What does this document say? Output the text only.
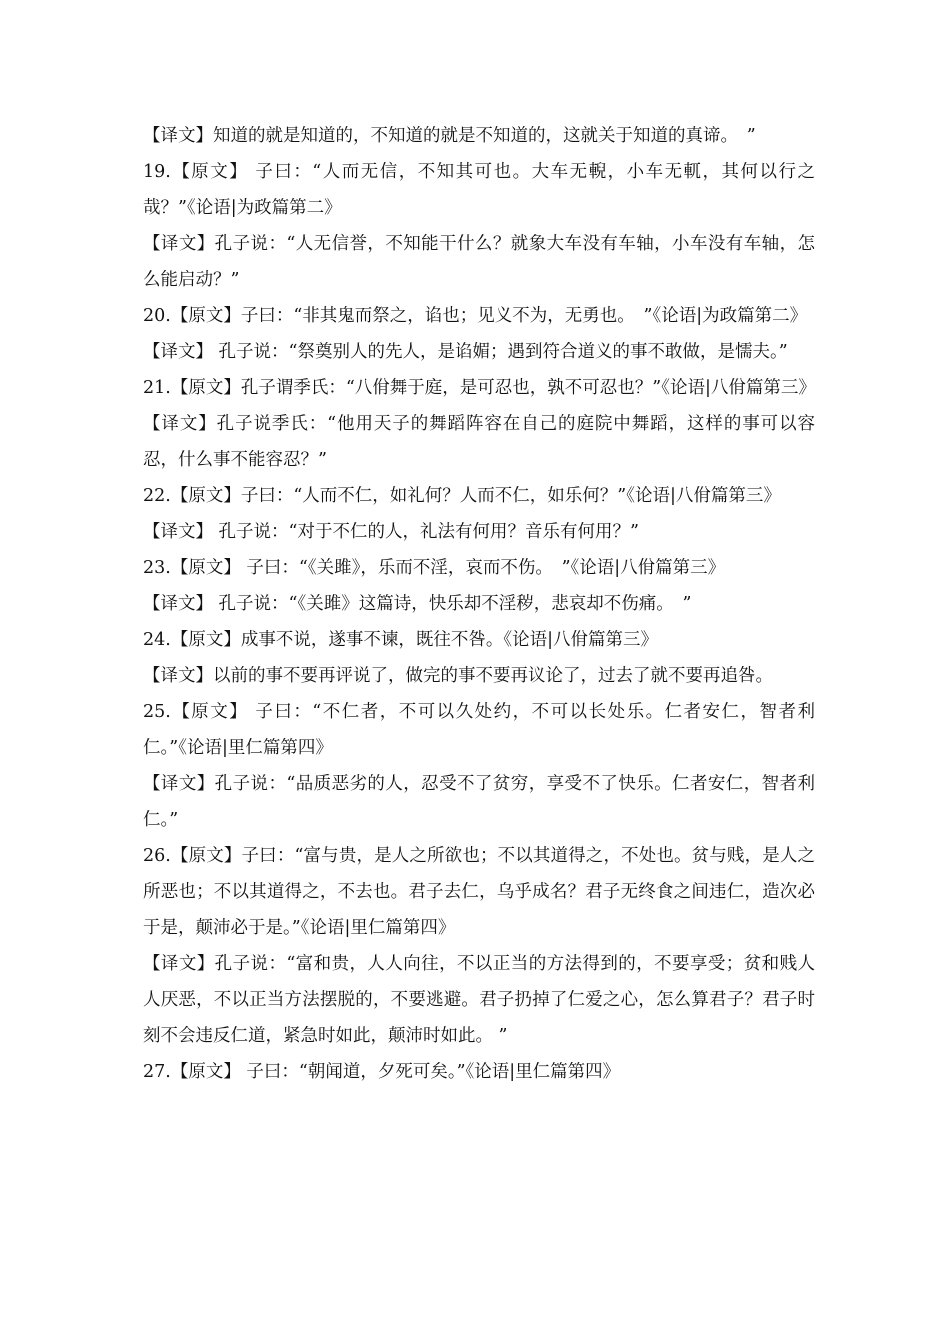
【译文】知道的就是知道的，不知道的就是不知道的，这就关于知道的真谛。　”

19.【原文】 子曰：“人而无信，不知其可也。大车无輗，小车无軏，其何以行之哉？”《论语|为政篇第二》

【译文】孔子说：“人无信誉，不知能干什么？就象大车没有车轴，小车没有车轴，怎么能启动？”

20.【原文】子曰：“非其鬼而祭之，谄也；见义不为，无勇也。　”《论语|为政篇第二》

【译文】 孔子说：“祭奠别人的先人，是谄媚；遇到符合道义的事不敢做，是懦夫。”

21.【原文】孔子谓季氏：“八佾舞于庭，是可忍也，孰不可忍也？”《论语|八佾篇第三》

【译文】孔子说季氏：“他用天子的舞蹈阵容在自己的庭院中舞蹈，这样的事可以容忍，什么事不能容忍？”

22.【原文】子曰：“人而不仁，如礼何？人而不仁，如乐何？”《论语|八佾篇第三》

【译文】 孔子说：“对于不仁的人，礼法有何用？音乐有何用？”

23.【原文】 子曰：“《关雎》，乐而不淫，哀而不伤。　”《论语|八佾篇第三》

【译文】 孔子说：“《关雎》这篇诗，快乐却不淫秽，悲哀却不伤痛。　”

24.【原文】成事不说，遂事不谏，既往不咎。《论语|八佾篇第三》

【译文】以前的事不要再评说了，做完的事不要再议论了，过去了就不要再追咎。

25.【原文】 子曰：“不仁者，不可以久处约，不可以长处乐。仁者安仁，智者利仁。”《论语|里仁篇第四》

【译文】孔子说：“品质恶劣的人，忍受不了贫穷，享受不了快乐。仁者安仁，智者利仁。”

26.【原文】子曰：“富与贵，是人之所欲也；不以其道得之，不处也。贫与贱，是人之所恶也；不以其道得之，不去也。君子去仁，乌乎成名？君子无终食之间违仁，造次必于是，颠沛必于是。”《论语|里仁篇第四》

【译文】孔子说：“富和贵，人人向往，不以正当的方法得到的，不要享受；贫和贱人人厌恶，不以正当方法摆脱的，不要逃避。君子扔掉了仁爱之心，怎么算君子？君子时刻不会违反仁道，紧急时如此，颠沛时如此。 ”

27.【原文】 子曰：“朝闻道，夕死可矣。”《论语|里仁篇第四》
